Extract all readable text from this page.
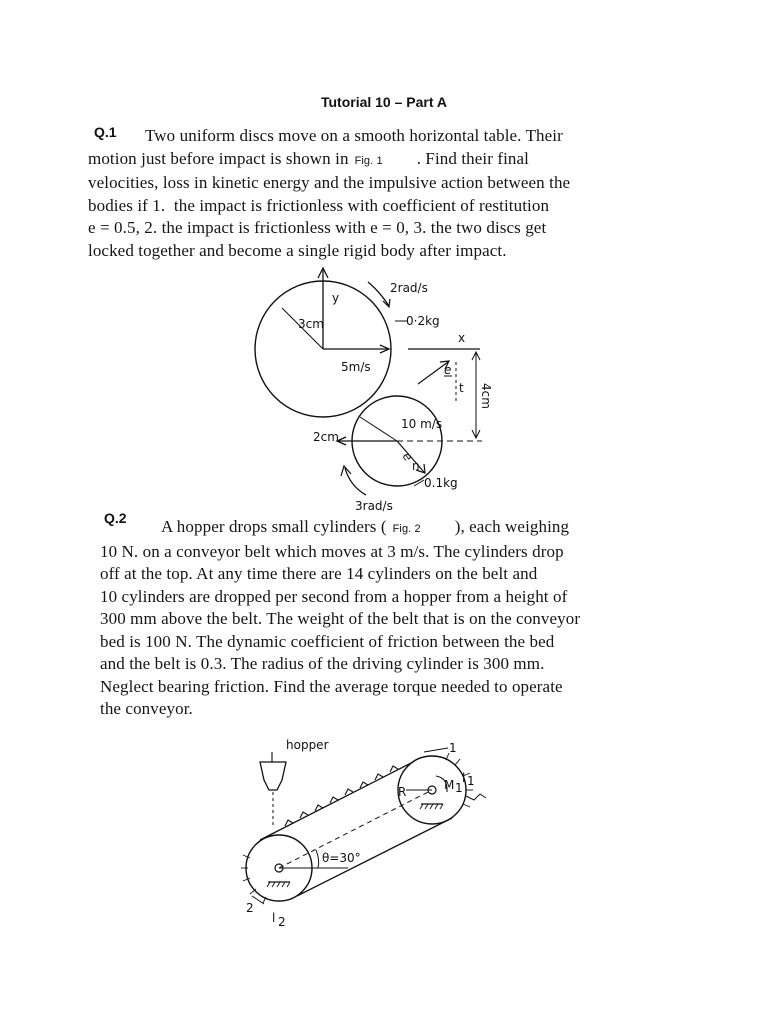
Tutorial 10 – Part A
Q.1	Two uniform discs move on a smooth horizontal table. Their
motion just before impact is shown in Fig. 1 . Find their final
velocities, loss in kinetic energy and the impulsive action between the
bodies if 1.  the impact is frictionless with coefficient of restitution
e = 0.5, 2. the impact is frictionless with e = 0, 3. the two discs get
locked together and become a single rigid body after impact.
y
3cm
5m/s
2rad/s
0·2kg
x
4cm
e
t
10 m/s
2cm
e
n
0.1kg
3rad/s
Q.2	A hopper drops small cylinders ( Fig. 2 ), each weighing
10 N. on a conveyor belt which moves at 3 m/s. The cylinders drop
off at the top. At any time there are 14 cylinders on the belt and
10 cylinders are dropped per second from a hopper from a height of
300 mm above the belt. The weight of the belt that is on the conveyor
bed is 100 N. The dynamic coefficient of friction between the bed
and the belt is 0.3. The radius of the driving cylinder is 300 mm.
Neglect bearing friction. Find the average torque needed to operate
the conveyor.
hopper
θ=30°
R	M 1
1
l 1
2
l 2
